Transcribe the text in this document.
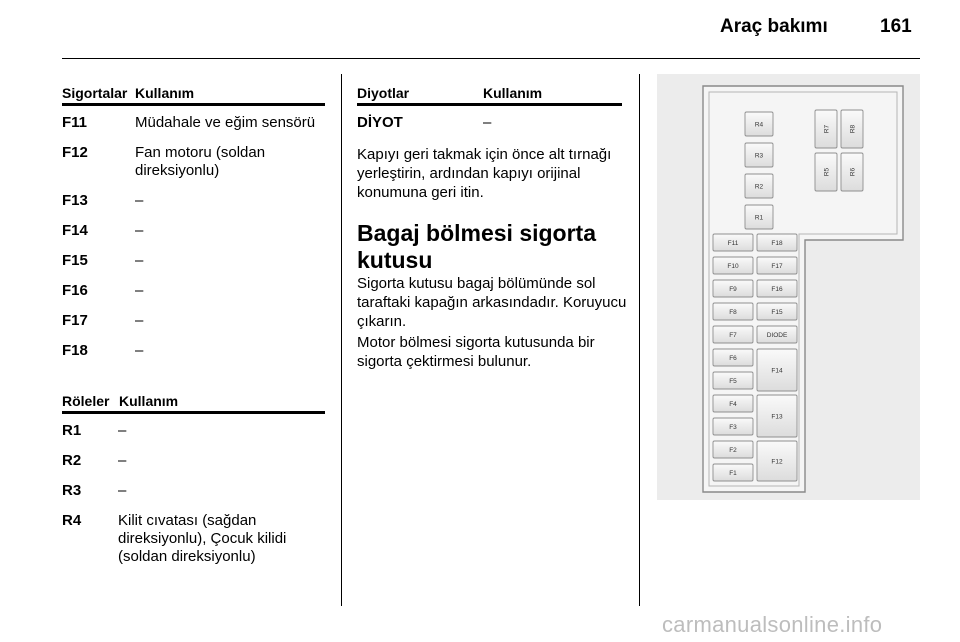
Araç bakımı	161
Sigortalar Kullanım
F11	Müdahale ve eğim sensörü
F12	Fan motoru (soldan direksiyonlu)
F13	–
F14	–
F15	–
F16	–
F17	–
F18	–
Röleler Kullanım
R1	–
R2	–
R3	–
R4	Kilit cıvatası (sağdan direksiyonlu), Çocuk kilidi (soldan direksiyonlu)
Diyotlar	Kullanım
DİYOT	–

Kapıyı geri takmak için önce alt tırnağı yerleştirin, ardından kapıyı orijinal konumuna geri itin.

Bagaj bölmesi sigorta kutusu

Sigorta kutusu bagaj bölümünde sol taraftaki kapağın arkasındadır. Koruyucu çıkarın.

Motor bölmesi sigorta kutusunda bir sigorta çektirmesi bulunur.

R4
R3
R2
R1
R7	R8
R5	R6
F11
F10
F9
F8
F7
F6
F5
F4
F3
F2
F1
F18
F17
F16
F15
DIODE
F14
F13
F12
carmanualsonline.info
